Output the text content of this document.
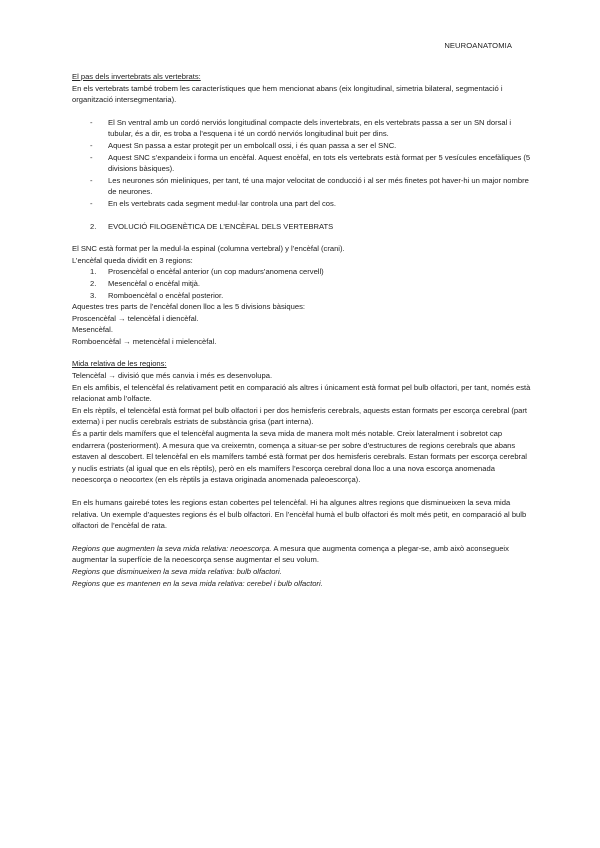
NEUROANATOMIA

El pas dels invertebrats als vertebrats:

En els vertebrats també trobem les característiques que hem mencionat abans (eix longitudinal, simetria bilateral, segmentació i organització intersegmentaria).

- El Sn ventral amb un cordó nerviós longitudinal compacte dels invertebrats, en els vertebrats passa a ser un SN dorsal i tubular, és a dir, es troba a l’esquena i té un cordó nerviós longitudinal buit per dins.
- Aquest Sn passa a estar protegit per un embolcall ossi, i és quan passa a ser el SNC.
- Aquest SNC s’expandeix i forma un encèfal. Aquest encèfal, en tots els vertebrats està format per 5 vesícules encefàliques (5 divisions bàsiques).
- Les neurones són mieliniques, per tant, té una major velocitat de conducció i al ser més finetes pot haver-hi un major nombre de neurones.
- En els vertebrats cada segment medul·lar controla una part del cos.
2.	EVOLUCIÓ FILOGENÈTICA DE L’ENCÈFAL DELS VERTEBRATS

El SNC està format per la medul·la espinal (columna vertebral) y l’encèfal (crani).

L’encèfal queda dividit en 3 regions:

1.	Prosencèfal o encèfal anterior (un cop madurs’anomena cervell)
2.	Mesencèfal o encèfal mitjà.
3.	Romboencèfal o encèfal posterior.

Aquestes tres parts de l’encèfal donen lloc a les 5 divisions bàsiques:

Proscencèfal → telencèfal i diencèfal.

Mesencèfal.

Romboencèfal → metencèfal i mielencèfal.

Mida relativa de les regions:

Telencèfal → divisió que més canvia i més es desenvolupa.

En els amfibis, el telencèfal és relativament petit en comparació als altres i únicament està format pel bulb olfactori, per tant, només està relacionat amb l’olfacte.

En els rèptils, el telencèfal està format pel bulb olfactori i per dos hemisferis cerebrals, aquests estan formats per escorça cerebral (part externa) i per nuclis cerebrals estriats de substància grisa (part interna).

És a partir dels mamífers que el telencèfal augmenta la seva mida de manera molt més notable. Creix lateralment i sobretot cap endarrera (posteriorment). A mesura que va creixemtn, comença a situar-se per sobre d’estructures de regions cerebrals que abans estaven al descobert. El telencèfal en els mamífers també està format per dos hemisferis cerebrals. Estan formats per escorça cerebral y nuclis estriats (al igual que en els rèptils), però en els mamífers l’escorça cerebral dona lloc a una nova escorça anomenada neoescorça o neocortex (en els rèptils ja estava originada anomenada paleoescorça).

En els humans gairebé totes les regions estan cobertes pel telencèfal. Hi ha algunes altres regions que disminueixen la seva mida relativa. Un exemple d’aquestes regions és el bulb olfactori. En l’encèfal humà el bulb olfactori és molt més petit, en comparació al bulb olfactori de l’encèfal de rata.

Regions que augmenten la seva mida relativa: neoescorça. A mesura que augmenta comença a plegar-se, amb això aconsegueix augmentar la superfície de la neoescorça sense augmentar el seu volum.

Regions que disminueixen la seva mida relativa: bulb olfactori.

Regions que es mantenen en la seva mida relativa: cerebel i bulb olfactori.
